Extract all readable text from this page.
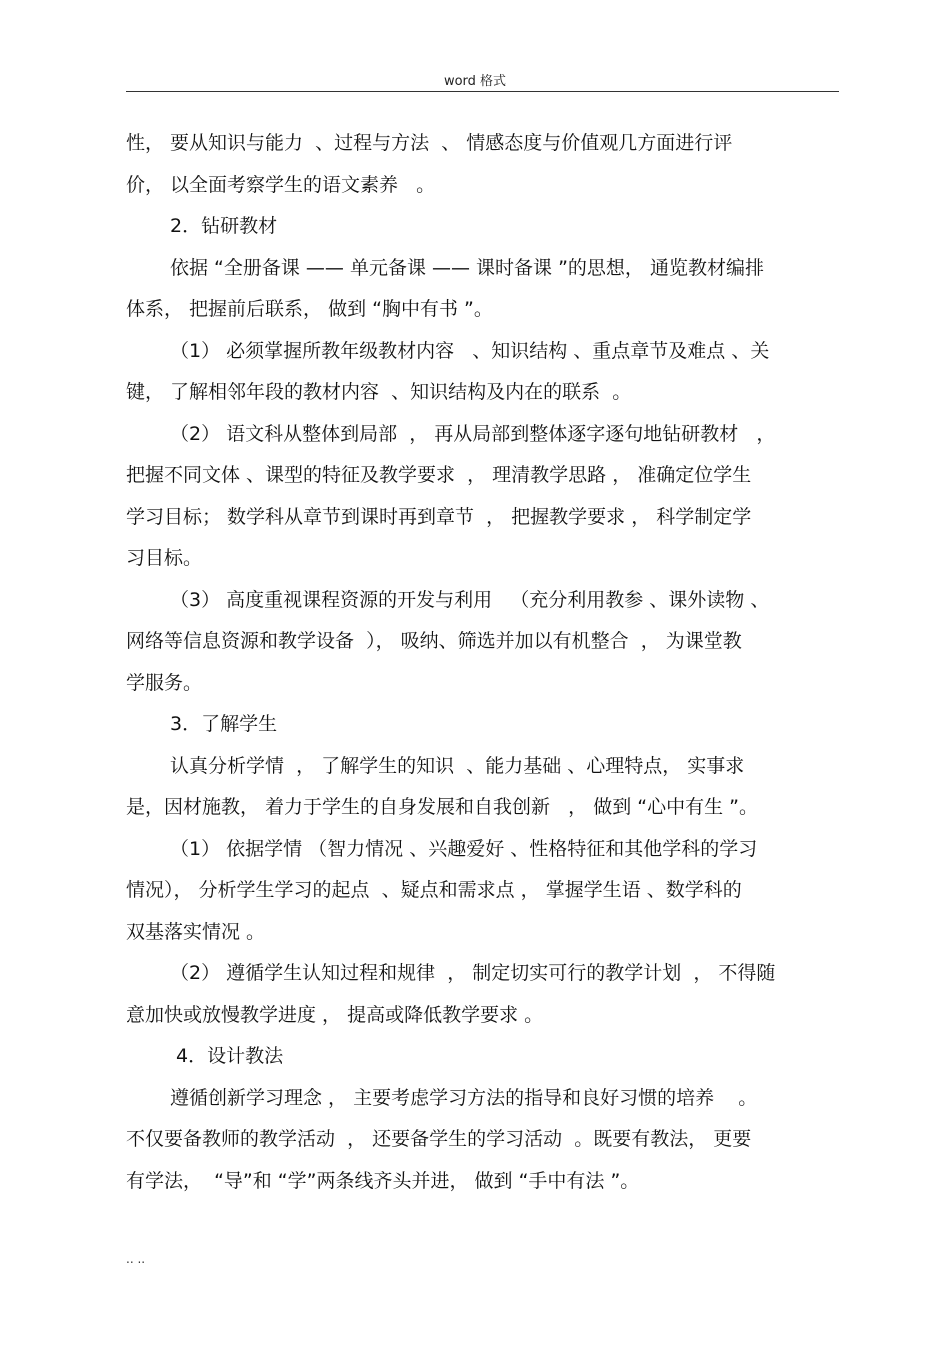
word 格式
性， 要从知识与能力  、过程与方法  、 情感态度与价值观几方面进行评
价， 以全面考察学生的语文素养   。
2．钻研教材
依据 “全册备课 —— 单元备课 —— 课时备课 ”的思想， 通览教材编排
体系， 把握前后联系， 做到 “胸中有书 ”。
（1） 必须掌握所教年级教材内容   、知识结构 、重点章节及难点 、关
键， 了解相邻年段的教材内容  、知识结构及内在的联系  。
（2） 语文科从整体到局部  ， 再从局部到整体逐字逐句地钻研教材   ，
把握不同文体 、课型的特征及教学要求  ， 理清教学思路 ， 准确定位学生
学习目标； 数学科从章节到课时再到章节  ， 把握教学要求 ， 科学制定学
习目标。
（3） 高度重视课程资源的开发与利用   （充分利用教参 、课外读物 、
网络等信息资源和教学设备  ）， 吸纳、筛选并加以有机整合  ， 为课堂教
学服务。
3．了解学生
认真分析学情  ， 了解学生的知识  、能力基础 、心理特点， 实事求
是，因材施教， 着力于学生的自身发展和自我创新   ， 做到 “心中有生 ”。
（1） 依据学情 （智力情况 、兴趣爱好 、性格特征和其他学科的学习
情况）， 分析学生学习的起点  、疑点和需求点 ， 掌握学生语 、数学科的
双基落实情况 。
（2） 遵循学生认知过程和规律  ， 制定切实可行的教学计划  ， 不得随
意加快或放慢教学进度 ， 提高或降低教学要求 。
4．设计教法
遵循创新学习理念 ， 主要考虑学习方法的指导和良好习惯的培养    。
不仅要备教师的教学活动  ， 还要备学生的学习活动  。既要有教法， 更要
有学法，  “导”和 “学”两条线齐头并进， 做到 “手中有法 ”。
.. ..
